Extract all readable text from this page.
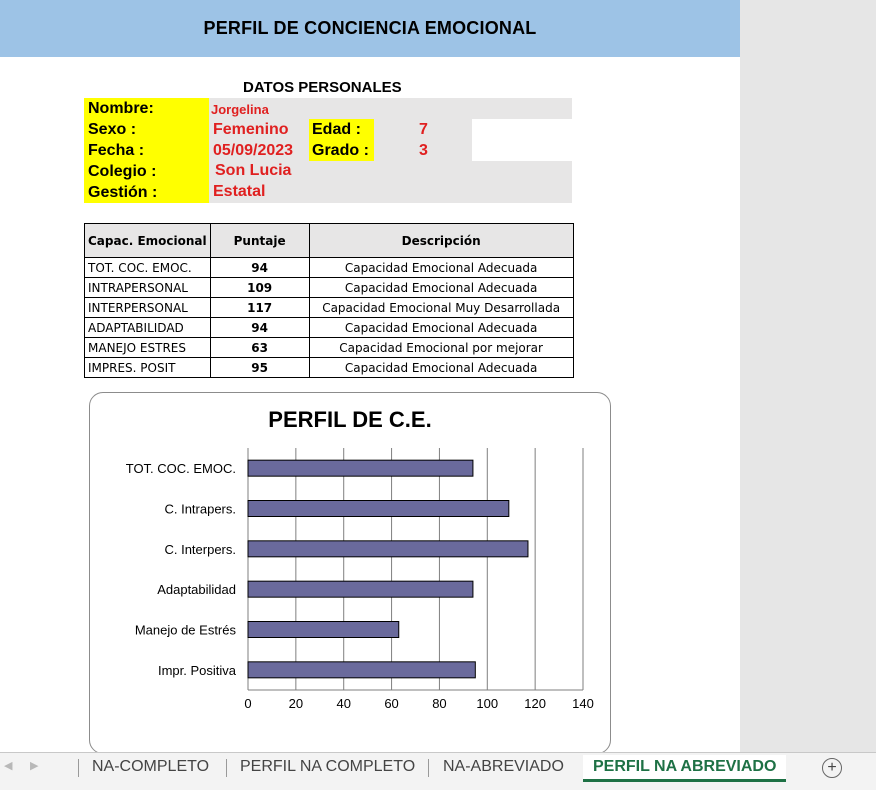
PERFIL DE CONCIENCIA EMOCIONAL
DATOS PERSONALES
Nombre:	Jorgelina
Sexo :	Femenino Edad :	7
Fecha :	05/09/2023 Grado :	3
Colegio :	Son Lucia
Gestión :	Estatal
Capac. Emocional	Puntaje	Descripción
TOT. COC. EMOC.	94	Capacidad Emocional Adecuada
INTRAPERSONAL	109	Capacidad Emocional Adecuada
INTERPERSONAL	117	Capacidad Emocional Muy Desarrollada
ADAPTABILIDAD	94	Capacidad Emocional Adecuada
MANEJO ESTRES	63	Capacidad Emocional por mejorar
IMPRES. POSIT	95	Capacidad Emocional Adecuada
PERFIL DE C.E.
0	20	40	60	80 100 120 140
TOT. COC. EMOC.
C. Intrapers.
C. Interpers.
Adaptabilidad
Manejo de Estrés
Impr. Positiva
◀ ▶	NA-COMPLETO PERFIL NA COMPLETO NA-ABREVIADO	PERFIL NA ABREVIADO	+
